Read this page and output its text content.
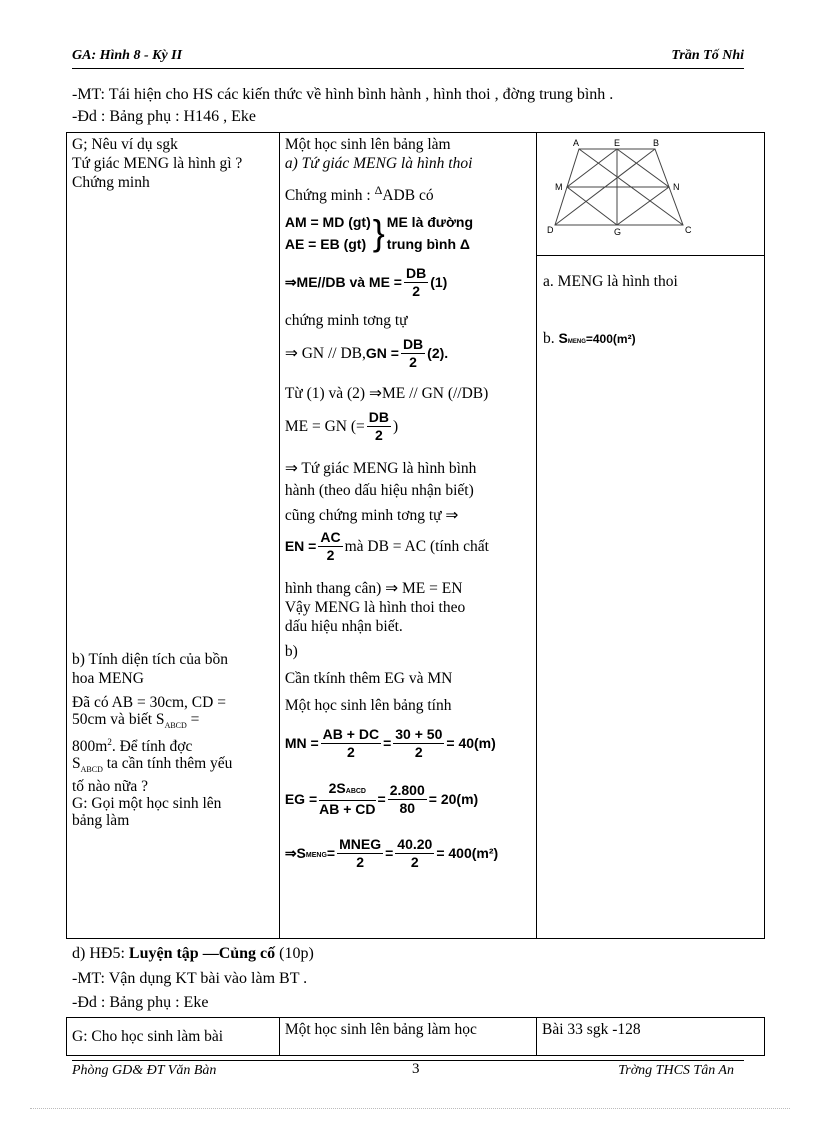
GA: Hình 8 - Kỳ II	Trần Tố Nhi
-MT: Tái hiện cho HS các kiến thức về hình bình hành , hình thoi , đờng trung bình .
-Đd : Bảng phụ : H146 , Eke
G; Nêu ví dụ sgk
Tứ giác MENG là hình gì ?
Chứng minh
b) Tính diện tích của bồn
hoa MENG
Đã có AB = 30cm, CD =
50cm và biết $S_{ABCD}$ =
$800m^2$. Để tính đợc
$S_{ABCD}$ ta cần tính thêm yếu
tố nào nữa ?
G: Gọi một học sinh lên
bảng làm

Một học sinh lên bảng làm
a) Tứ giác MENG là hình thoi
Chứng minh : $^\Delta$ADB có
AM = MD (gt)
AE = EB (gt) } ME là đường
trung bình Δ
⇒ME//DB và ME = $\frac{DB}{2} (1)$
chứng minh tơng tự
⇒ GN // DB, GN = $\frac{DB}{2} (2)$.
Từ (1) và (2) ⇒ME // GN (//DB)
ME = GN (= $\frac{DB}{2}$ )
⇒ Tứ giác MENG là hình bình
hành (theo dấu hiệu nhận biết)
cũng chứng minh tơng tự ⇒
EN = $\frac{AC}{2}$ mà DB = AC (tính chất
hình thang cân) ⇒ ME = EN
Vậy MENG là hình thoi theo
dấu hiệu nhận biết.
b)
Cần tkính thêm EG và MN
Một học sinh lên bảng tính
MN = $\frac{AB + DC}{2} = \frac{30 + 50}{2} = 40(m)$
EG = $\frac{\text{2SABCD}}{AB + CD} = \frac{2.800}{80} = 20(m)$
⇒S MENG = $\frac{\text{MNEG}}{2} = \frac{40.20}{2} = 400(m^2)$

A	E	B
M	N
D	G	C
a. MENG là hình thoi
b. SMENG=400(m²)
d) HĐ5: Luyện tập —Củng cố (10p)
-MT: Vận dụng KT bài vào làm BT .
-Đd : Bảng phụ : Eke
G: Cho học sinh làm bài	Một học sinh lên bảng làm học	Bài 33 sgk -128
Phòng GD& ĐT Văn Bàn	3	Trờng THCS Tân An
